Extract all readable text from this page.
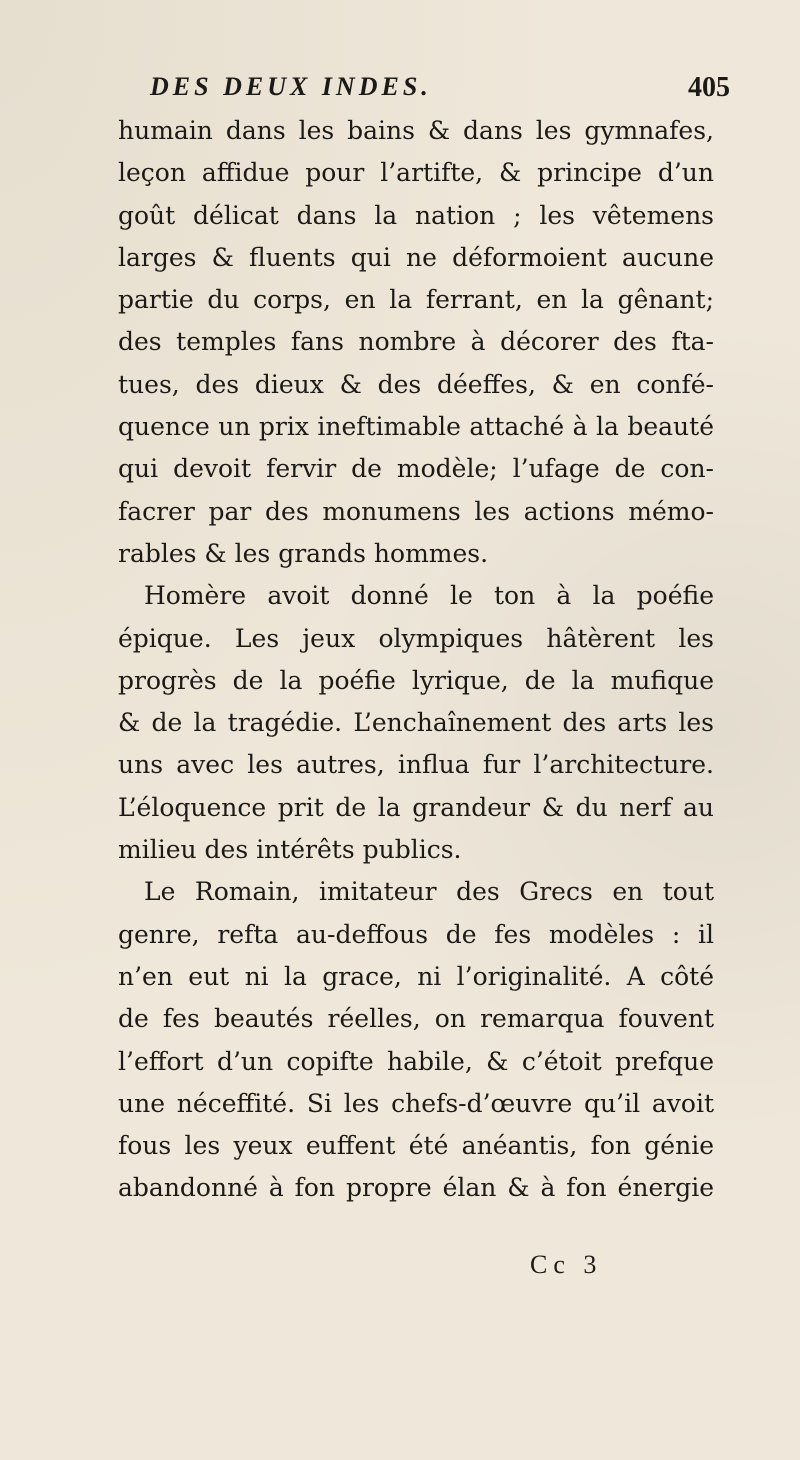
DES DEUX INDES.	405
humain dans les bains & dans les gymnafes,
leçon affidue pour l’artifte, & principe d’un
goût délicat dans la nation ; les vêtemens
larges & fluents qui ne déformoient aucune
partie du corps, en la ferrant, en la gênant;
des temples fans nombre à décorer des fta-
tues, des dieux & des déeffes, & en confé-
quence un prix ineftimable attaché à la beauté
qui devoit fervir de modèle; l’ufage de con-
facrer par des monumens les actions mémo-
rables & les grands hommes.
Homère avoit donné le ton à la poéfie
épique. Les jeux olympiques hâtèrent les
progrès de la poéfie lyrique, de la mufique
& de la tragédie. L’enchaînement des arts les
uns avec les autres, influa fur l’architecture.
L’éloquence prit de la grandeur & du nerf au
milieu des intérêts publics.
Le Romain, imitateur des Grecs en tout
genre, refta au-deffous de fes modèles : il
n’en eut ni la grace, ni l’originalité. A côté
de fes beautés réelles, on remarqua fouvent
l’effort d’un copifte habile, & c’étoit prefque
une néceffité. Si les chefs-d’œuvre qu’il avoit
fous les yeux euffent été anéantis, fon génie
abandonné à fon propre élan & à fon énergie
Cc 3
